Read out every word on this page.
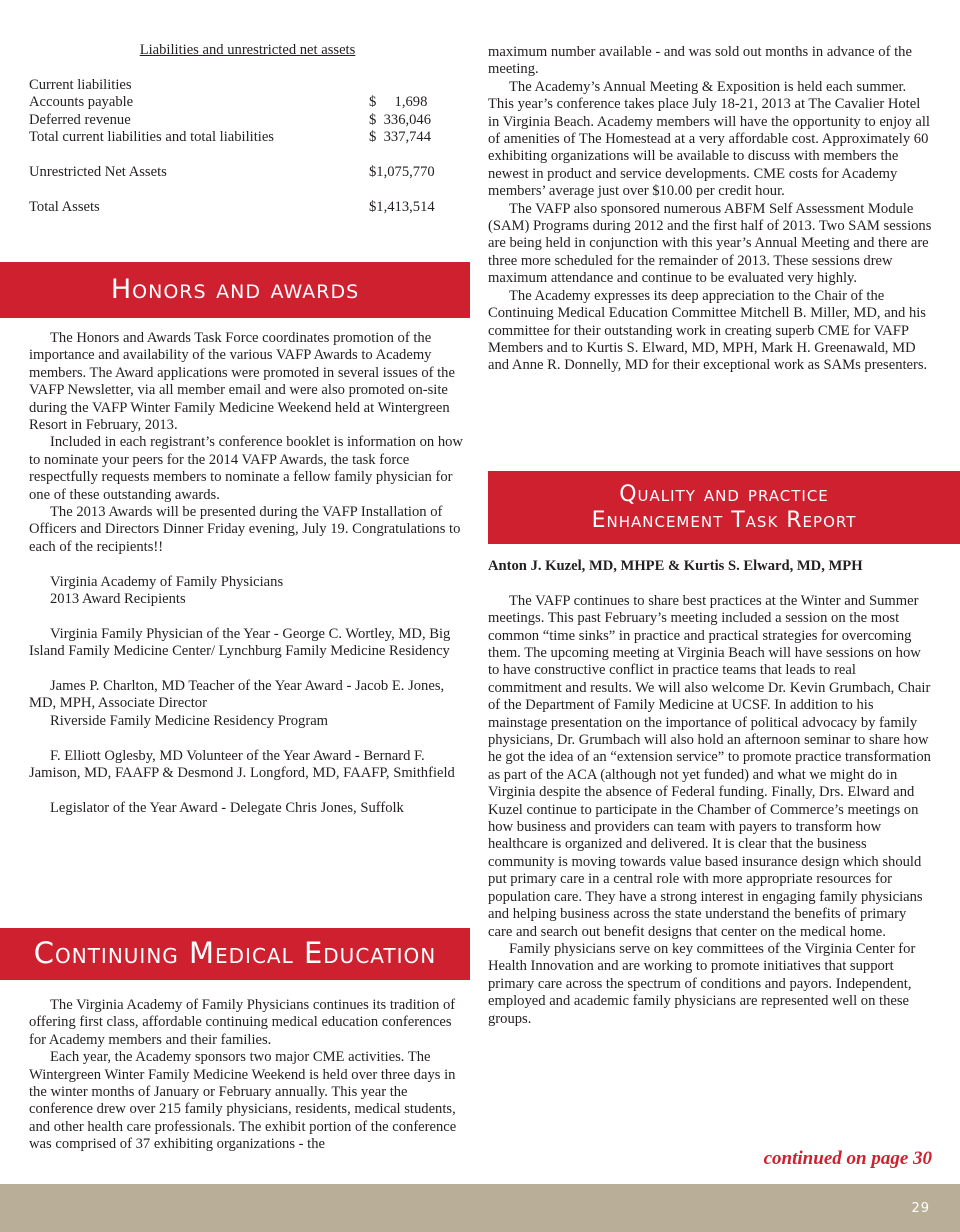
Liabilities and unrestricted net assets

Current liabilities

Accounts payable	$     1,698
Deferred revenue	$  336,046
Total current liabilities and total liabilities	$  337,744
Unrestricted Net Assets	$1,075,770
Total Assets	$1,413,514

The Honors and Awards Task Force coordinates promotion of the importance and availability of the various VAFP Awards to Academy members. The Award applications were promoted in several issues of the VAFP Newsletter, via all member email and were also promoted on-site during the VAFP Winter Family Medicine Weekend held at Wintergreen Resort in February, 2013.

Included in each registrant’s conference booklet is information on how to nominate your peers for the 2014 VAFP Awards, the task force respectfully requests members to nominate a fellow family physician for one of these outstanding awards.

The 2013 Awards will be presented during the VAFP Installation of Officers and Directors Dinner Friday evening, July 19. Congratulations to each of the recipients!!

Virginia Academy of Family Physicians

2013 Award Recipients

Virginia Family Physician of the Year - George C. Wortley, MD, Big Island Family Medicine Center/ Lynchburg Family Medicine Residency

James P. Charlton, MD Teacher of the Year Award - Jacob E. Jones, MD, MPH, Associate Director

Riverside Family Medicine Residency Program

F. Elliott Oglesby, MD Volunteer of the Year Award - Bernard F. Jamison, MD, FAAFP & Desmond J. Longford, MD, FAAFP, Smithfield

Legislator of the Year Award - Delegate Chris Jones, Suffolk

The Virginia Academy of Family Physicians continues its tradition of offering first class, affordable continuing medical education conferences for Academy members and their families.

Each year, the Academy sponsors two major CME activities. The Wintergreen Winter Family Medicine Weekend is held over three days in the winter months of January or February annually. This year the conference drew over 215 family physicians, residents, medical students, and other health care professionals. The exhibit portion of the conference was comprised of 37 exhibiting organizations - the

Honors and awards
Continuing Medical Education

maximum number available - and was sold out months in advance of the meeting.

The Academy’s Annual Meeting & Exposition is held each summer. This year’s conference takes place July 18-21, 2013 at The Cavalier Hotel in Virginia Beach. Academy members will have the opportunity to enjoy all of amenities of The Homestead at a very affordable cost. Approximately 60 exhibiting organizations will be available to discuss with members the newest in product and service developments. CME costs for Academy members’ average just over $10.00 per credit hour.

The VAFP also sponsored numerous ABFM Self Assessment Module (SAM) Programs during 2012 and the first half of 2013. Two SAM sessions are being held in conjunction with this year’s Annual Meeting and there are three more scheduled for the remainder of 2013. These sessions drew maximum attendance and continue to be evaluated very highly.

The Academy expresses its deep appreciation to the Chair of the Continuing Medical Education Committee Mitchell B. Miller, MD, and his committee for their outstanding work in creating superb CME for VAFP Members and to Kurtis S. Elward, MD, MPH, Mark H. Greenawald, MD and Anne R. Donnelly, MD for their exceptional work as SAMs presenters.

Quality and practice
Enhancement Task Report

Anton J. Kuzel, MD, MHPE & Kurtis S. Elward, MD, MPH

The VAFP continues to share best practices at the Winter and Summer meetings. This past February’s meeting included a session on the most common “time sinks” in practice and practical strategies for overcoming them. The upcoming meeting at Virginia Beach will have sessions on how to have constructive conflict in practice teams that leads to real commitment and results. We will also welcome Dr. Kevin Grumbach, Chair of the Department of Family Medicine at UCSF. In addition to his mainstage presentation on the importance of political advocacy by family physicians, Dr. Grumbach will also hold an afternoon seminar to share how he got the idea of an “extension service” to promote practice transformation as part of the ACA (although not yet funded) and what we might do in Virginia despite the absence of Federal funding. Finally, Drs. Elward and Kuzel continue to participate in the Chamber of Commerce’s meetings on how business and providers can team with payers to transform how healthcare is organized and delivered. It is clear that the business community is moving towards value based insurance design which should put primary care in a central role with more appropriate resources for population care. They have a strong interest in engaging family physicians and helping business across the state understand the benefits of primary care and search out benefit designs that center on the medical home.

Family physicians serve on key committees of the Virginia Center for Health Innovation and are working to promote initiatives that support primary care across the spectrum of conditions and payors. Independent, employed and academic family physicians are represented well on these groups.

continued on page 30
29
